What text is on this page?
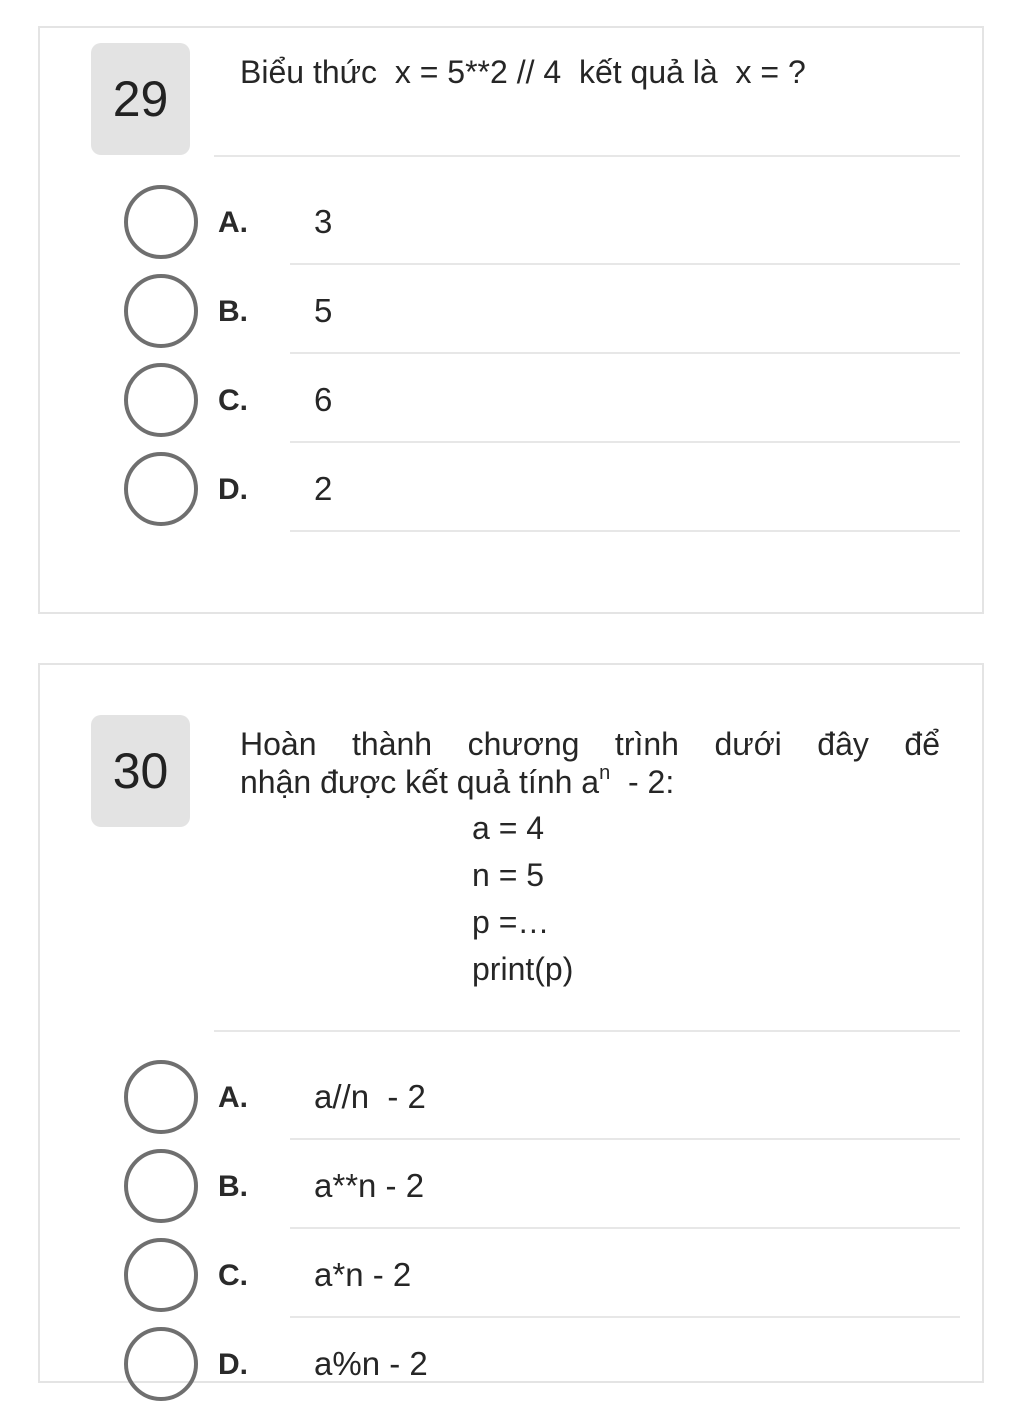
29	Biểu thức  x = 5**2 // 4  kết quả là  x = ?
A. 3
B. 5
C. 6
D. 2
30	Hoàn thành chương trình dưới đây để
nhận được kết quả tính $a^n - 2$:
a = 4
n = 5
p =…
print(p)
A. a//n  - 2
B. a**n - 2
C. a*n - 2
D. a%n - 2
